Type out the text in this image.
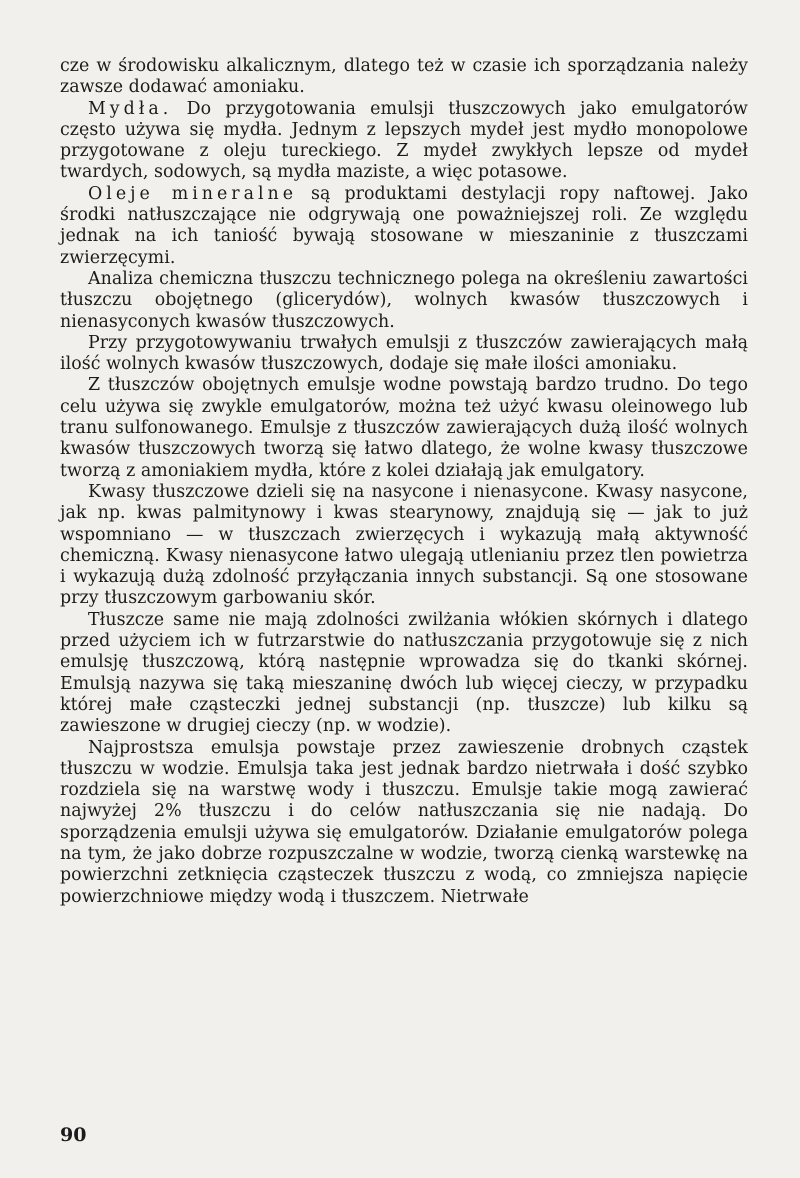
cze w środowisku alkalicznym, dlatego też w czasie ich sporządzania należy zawsze dodawać amoniaku.

Mydła. Do przygotowania emulsji tłuszczowych jako emulgatorów często używa się mydła. Jednym z lepszych mydeł jest mydło monopolowe przygotowane z oleju tureckiego. Z mydeł zwykłych lepsze od mydeł twardych, sodowych, są mydła maziste, a więc potasowe.

Oleje mineralne są produktami destylacji ropy naftowej. Jako środki natłuszczające nie odgrywają one poważniejszej roli. Ze względu jednak na ich taniość bywają stosowane w mieszaninie z tłuszczami zwierzęcymi.

Analiza chemiczna tłuszczu technicznego polega na określeniu zawartości tłuszczu obojętnego (glicerydów), wolnych kwasów tłuszczowych i nienasyconych kwasów tłuszczowych.

Przy przygotowywaniu trwałych emulsji z tłuszczów zawierających małą ilość wolnych kwasów tłuszczowych, dodaje się małe ilości amoniaku.

Z tłuszczów obojętnych emulsje wodne powstają bardzo trudno. Do tego celu używa się zwykle emulgatorów, można też użyć kwasu oleinowego lub tranu sulfonowanego. Emulsje z tłuszczów zawierających dużą ilość wolnych kwasów tłuszczowych tworzą się łatwo dlatego, że wolne kwasy tłuszczowe tworzą z amoniakiem mydła, które z kolei działają jak emulgatory.

Kwasy tłuszczowe dzieli się na nasycone i nienasycone. Kwasy nasycone, jak np. kwas palmitynowy i kwas stearynowy, znajdują się — jak to już wspomniano — w tłuszczach zwierzęcych i wykazują małą aktywność chemiczną. Kwasy nienasycone łatwo ulegają utlenianiu przez tlen powietrza i wykazują dużą zdolność przyłączania innych substancji. Są one stosowane przy tłuszczowym garbowaniu skór.

Tłuszcze same nie mają zdolności zwilżania włókien skórnych i dlatego przed użyciem ich w futrzarstwie do natłuszczania przygotowuje się z nich emulsję tłuszczową, którą następnie wprowadza się do tkanki skórnej. Emulsją nazywa się taką mieszaninę dwóch lub więcej cieczy, w przypadku której małe cząsteczki jednej substancji (np. tłuszcze) lub kilku są zawieszone w drugiej cieczy (np. w wodzie).

Najprostsza emulsja powstaje przez zawieszenie drobnych cząstek tłuszczu w wodzie. Emulsja taka jest jednak bardzo nietrwała i dość szybko rozdziela się na warstwę wody i tłuszczu. Emulsje takie mogą zawierać najwyżej 2% tłuszczu i do celów natłuszczania się nie nadają. Do sporządzenia emulsji używa się emulgatorów. Działanie emulgatorów polega na tym, że jako dobrze rozpuszczalne w wodzie, tworzą cienką warstewkę na powierzchni zetknięcia cząsteczek tłuszczu z wodą, co zmniejsza napięcie powierzchniowe między wodą i tłuszczem. Nietrwałe

90
